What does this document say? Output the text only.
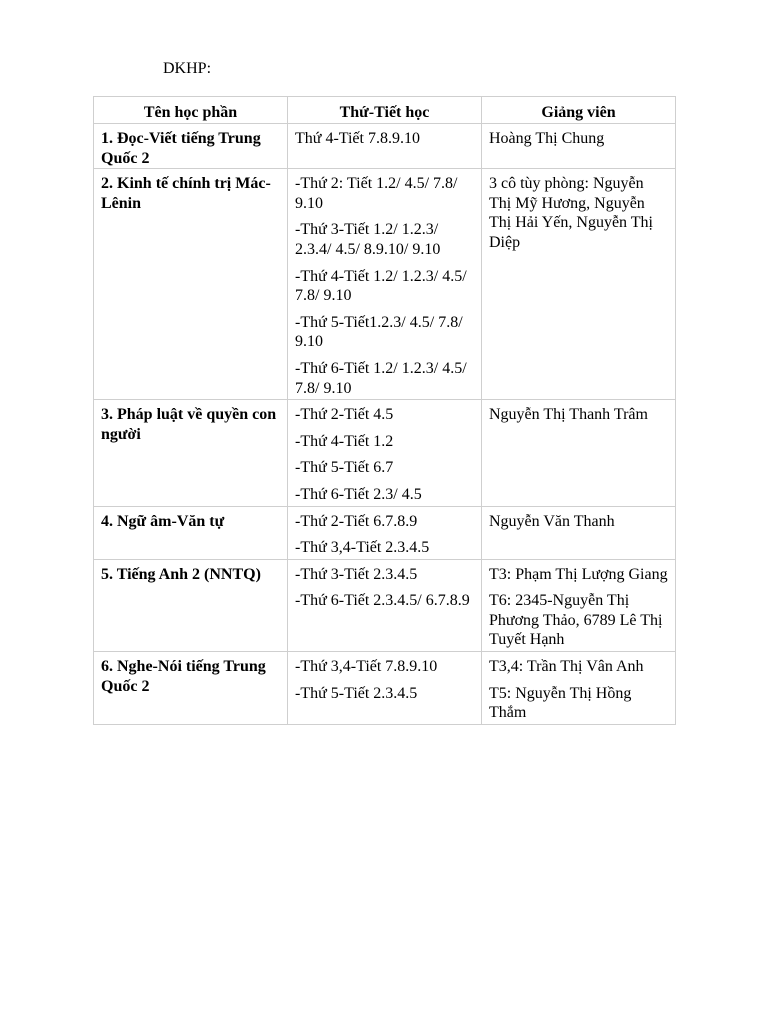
DKHP:

Tên học phần	Thứ-Tiết học	Giảng viên
1. Đọc-Viết tiếng Trung Quốc 2	Thứ 4-Tiết 7.8.9.10	Hoàng Thị Chung

2. Kinh tế chính trị Mác-Lênin	-Thứ 2: Tiết 1.2/ 4.5/ 7.8/ 9.10
-Thứ 3-Tiết 1.2/ 1.2.3/ 2.3.4/ 4.5/ 8.9.10/ 9.10
-Thứ 4-Tiết 1.2/ 1.2.3/ 4.5/ 7.8/ 9.10
-Thứ 5-Tiết1.2.3/ 4.5/ 7.8/ 9.10
-Thứ 6-Tiết 1.2/ 1.2.3/ 4.5/ 7.8/ 9.10	3 cô tùy phòng: Nguyễn Thị Mỹ Hương, Nguyễn Thị Hải Yến, Nguyễn Thị Diệp

3. Pháp luật về quyền con người	-Thứ 2-Tiết 4.5
-Thứ 4-Tiết 1.2
-Thứ 5-Tiết 6.7
-Thứ 6-Tiết 2.3/ 4.5	Nguyễn Thị Thanh Trâm

4. Ngữ âm-Văn tự	-Thứ 2-Tiết 6.7.8.9
-Thứ 3,4-Tiết 2.3.4.5	Nguyễn Văn Thanh

5. Tiếng Anh 2 (NNTQ)	-Thứ 3-Tiết 2.3.4.5
-Thứ 6-Tiết 2.3.4.5/ 6.7.8.9	T3: Phạm Thị Lượng Giang
T6: 2345-Nguyễn Thị Phương Thảo, 6789 Lê Thị Tuyết Hạnh

6. Nghe-Nói tiếng Trung Quốc 2	-Thứ 3,4-Tiết 7.8.9.10
-Thứ 5-Tiết 2.3.4.5	T3,4: Trần Thị Vân Anh
T5: Nguyễn Thị Hồng Thắm
